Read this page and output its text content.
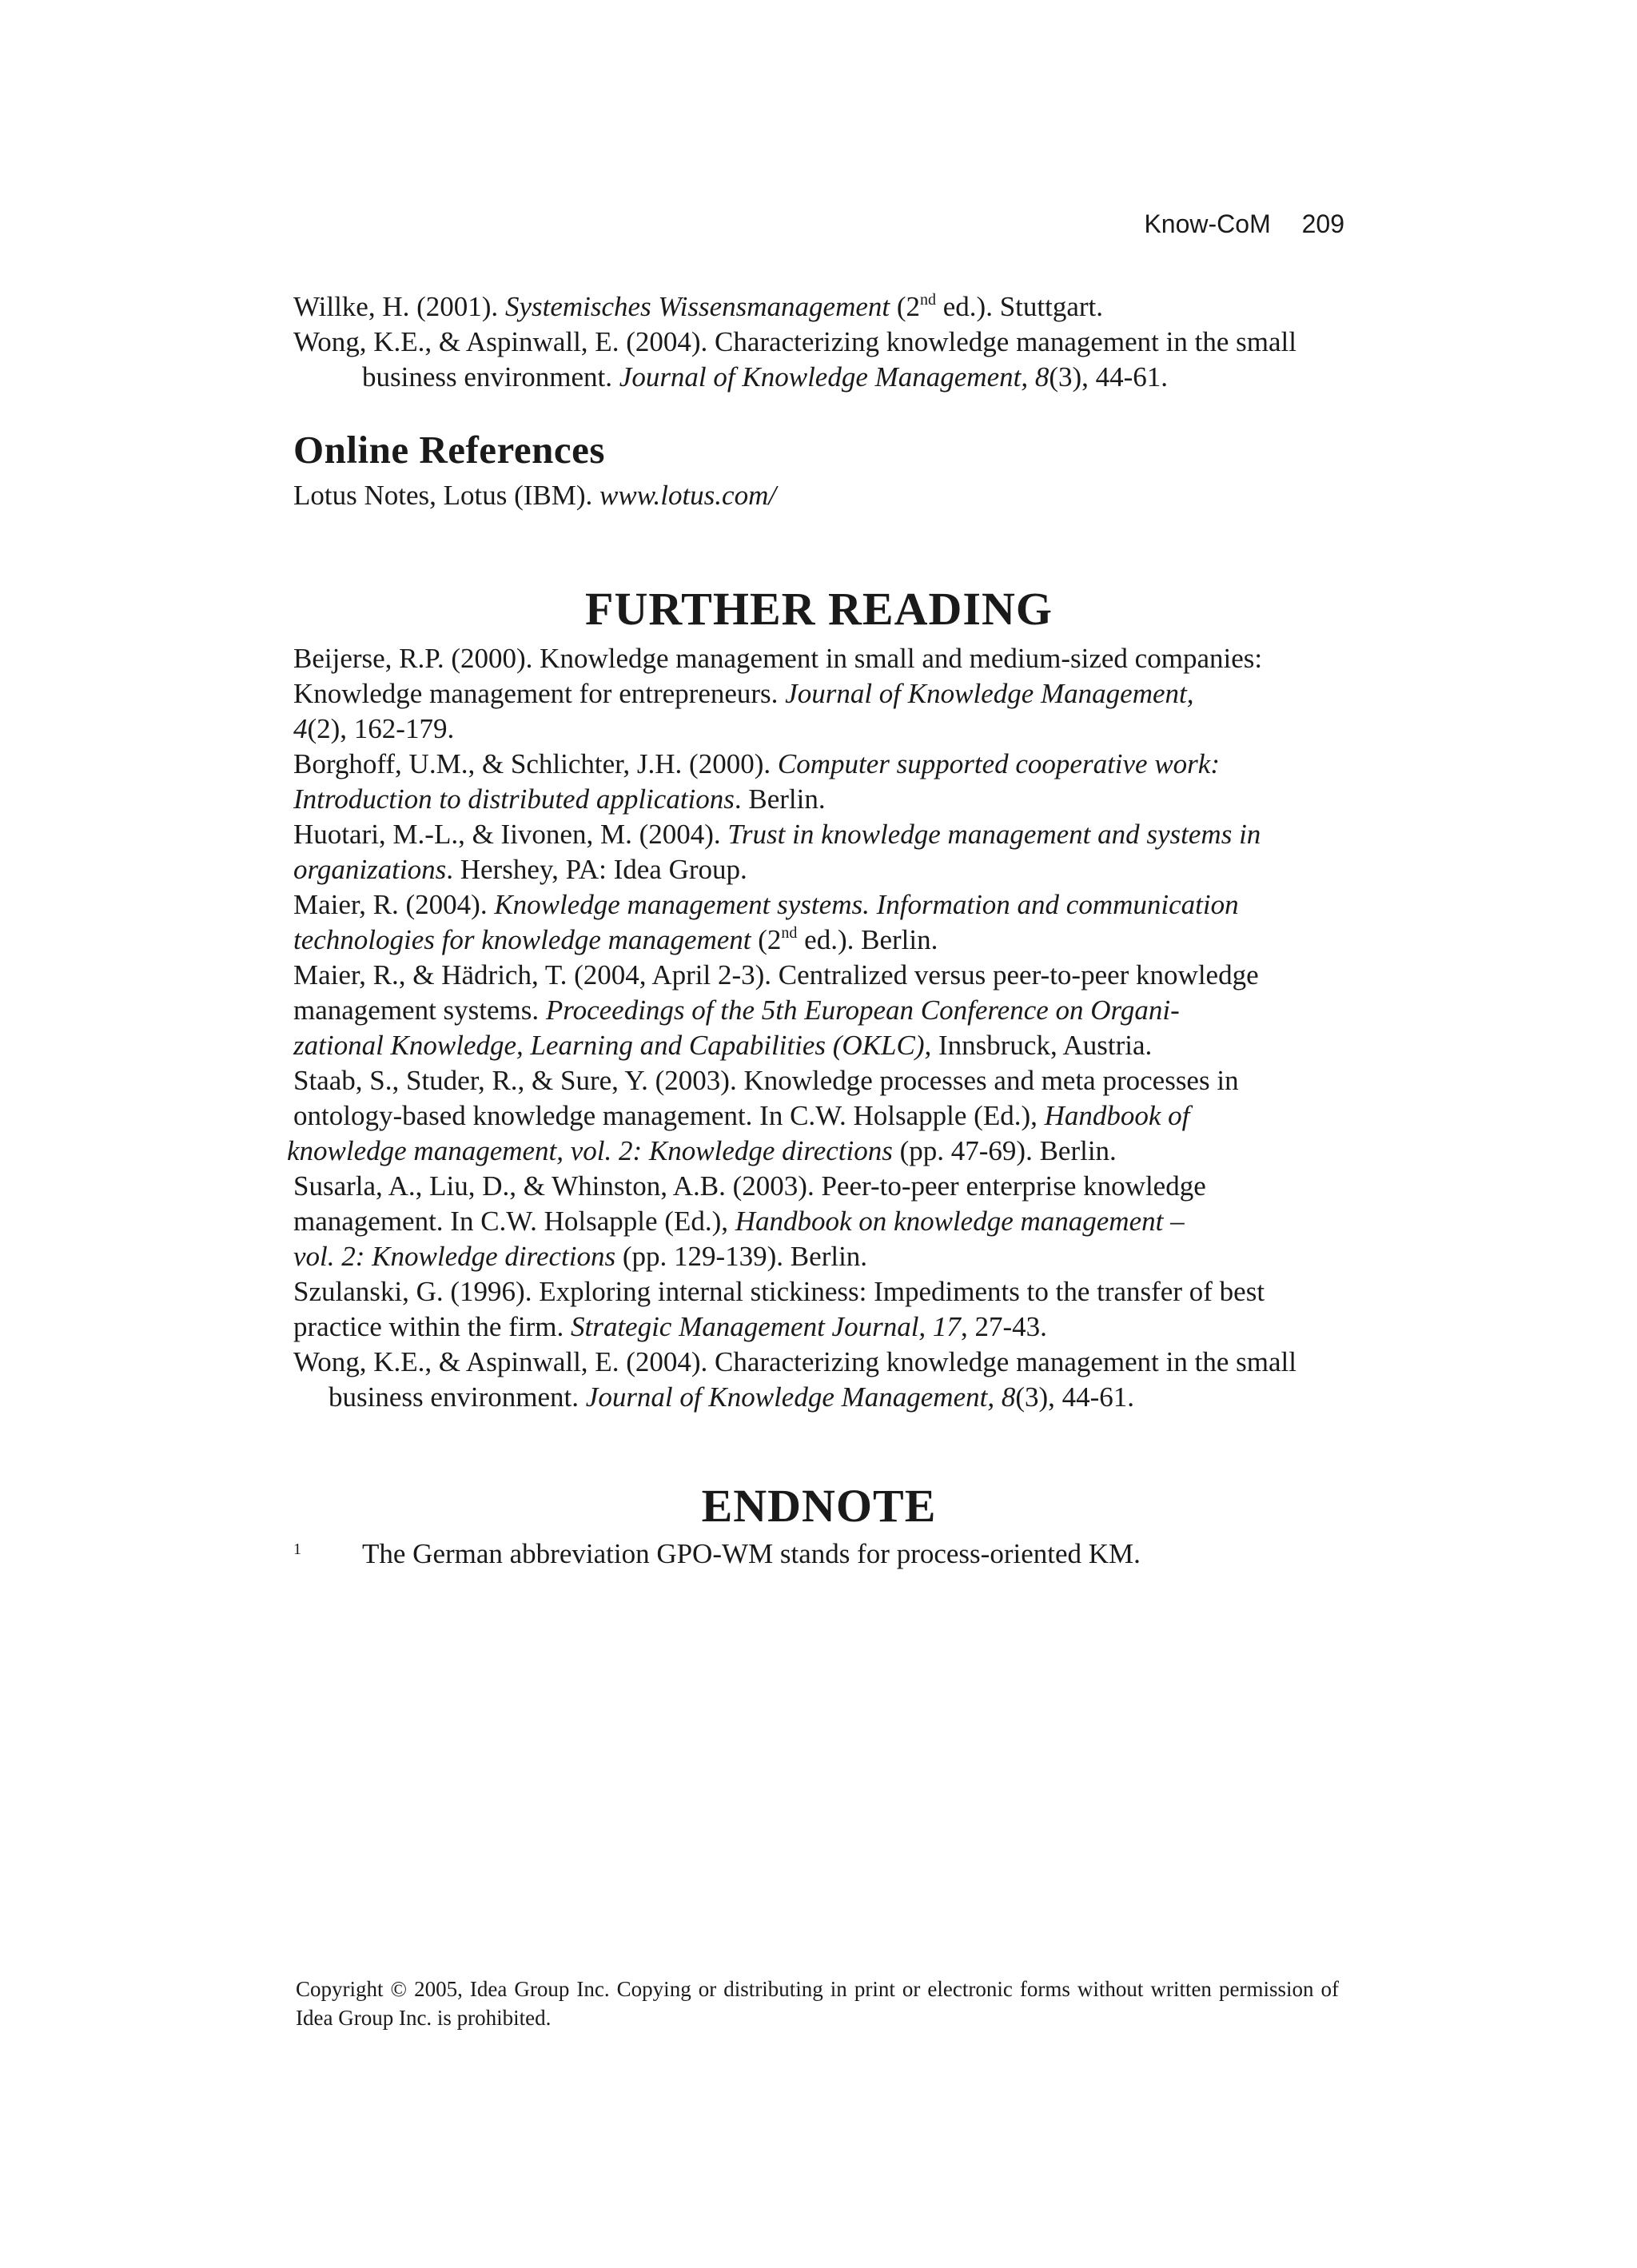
Know-CoM 209

Willke, H. (2001). Systemisches Wissensmanagement (2nd ed.). Stuttgart.

Wong, K.E., & Aspinwall, E. (2004). Characterizing knowledge management in the small
business environment. Journal of Knowledge Management, 8(3), 44-61.

Online References
Lotus Notes, Lotus (IBM). www.lotus.com/
FURTHER READING

Beijerse, R.P. (2000). Knowledge management in small and medium-sized companies:
Knowledge management for entrepreneurs. Journal of Knowledge Management,
4(2), 162-179.

Borghoff, U.M., & Schlichter, J.H. (2000). Computer supported cooperative work:
Introduction to distributed applications. Berlin.

Huotari, M.-L., & Iivonen, M. (2004). Trust in knowledge management and systems in
organizations. Hershey, PA: Idea Group.

Maier, R. (2004). Knowledge management systems. Information and communication
technologies for knowledge management (2nd ed.). Berlin.

Maier, R., & Hädrich, T. (2004, April 2-3). Centralized versus peer-to-peer knowledge
management systems. Proceedings of the 5th European Conference on Organi-
zational Knowledge, Learning and Capabilities (OKLC), Innsbruck, Austria.

Staab, S., Studer, R., & Sure, Y. (2003). Knowledge processes and meta processes in
ontology-based knowledge management. In C.W. Holsapple (Ed.), Handbook of
knowledge management, vol. 2: Knowledge directions (pp. 47-69). Berlin.

Susarla, A., Liu, D., & Whinston, A.B. (2003). Peer-to-peer enterprise knowledge
management. In C.W. Holsapple (Ed.), Handbook on knowledge management –
vol. 2: Knowledge directions (pp. 129-139). Berlin.

Szulanski, G. (1996). Exploring internal stickiness: Impediments to the transfer of best
practice within the firm. Strategic Management Journal, 17, 27-43.

Wong, K.E., & Aspinwall, E. (2004). Characterizing knowledge management in the small
business environment. Journal of Knowledge Management, 8(3), 44-61.

ENDNOTE
1 The German abbreviation GPO-WM stands for process-oriented KM.
Copyright © 2005, Idea Group Inc. Copying or distributing in print or electronic forms without written permission of Idea Group Inc. is prohibited.
